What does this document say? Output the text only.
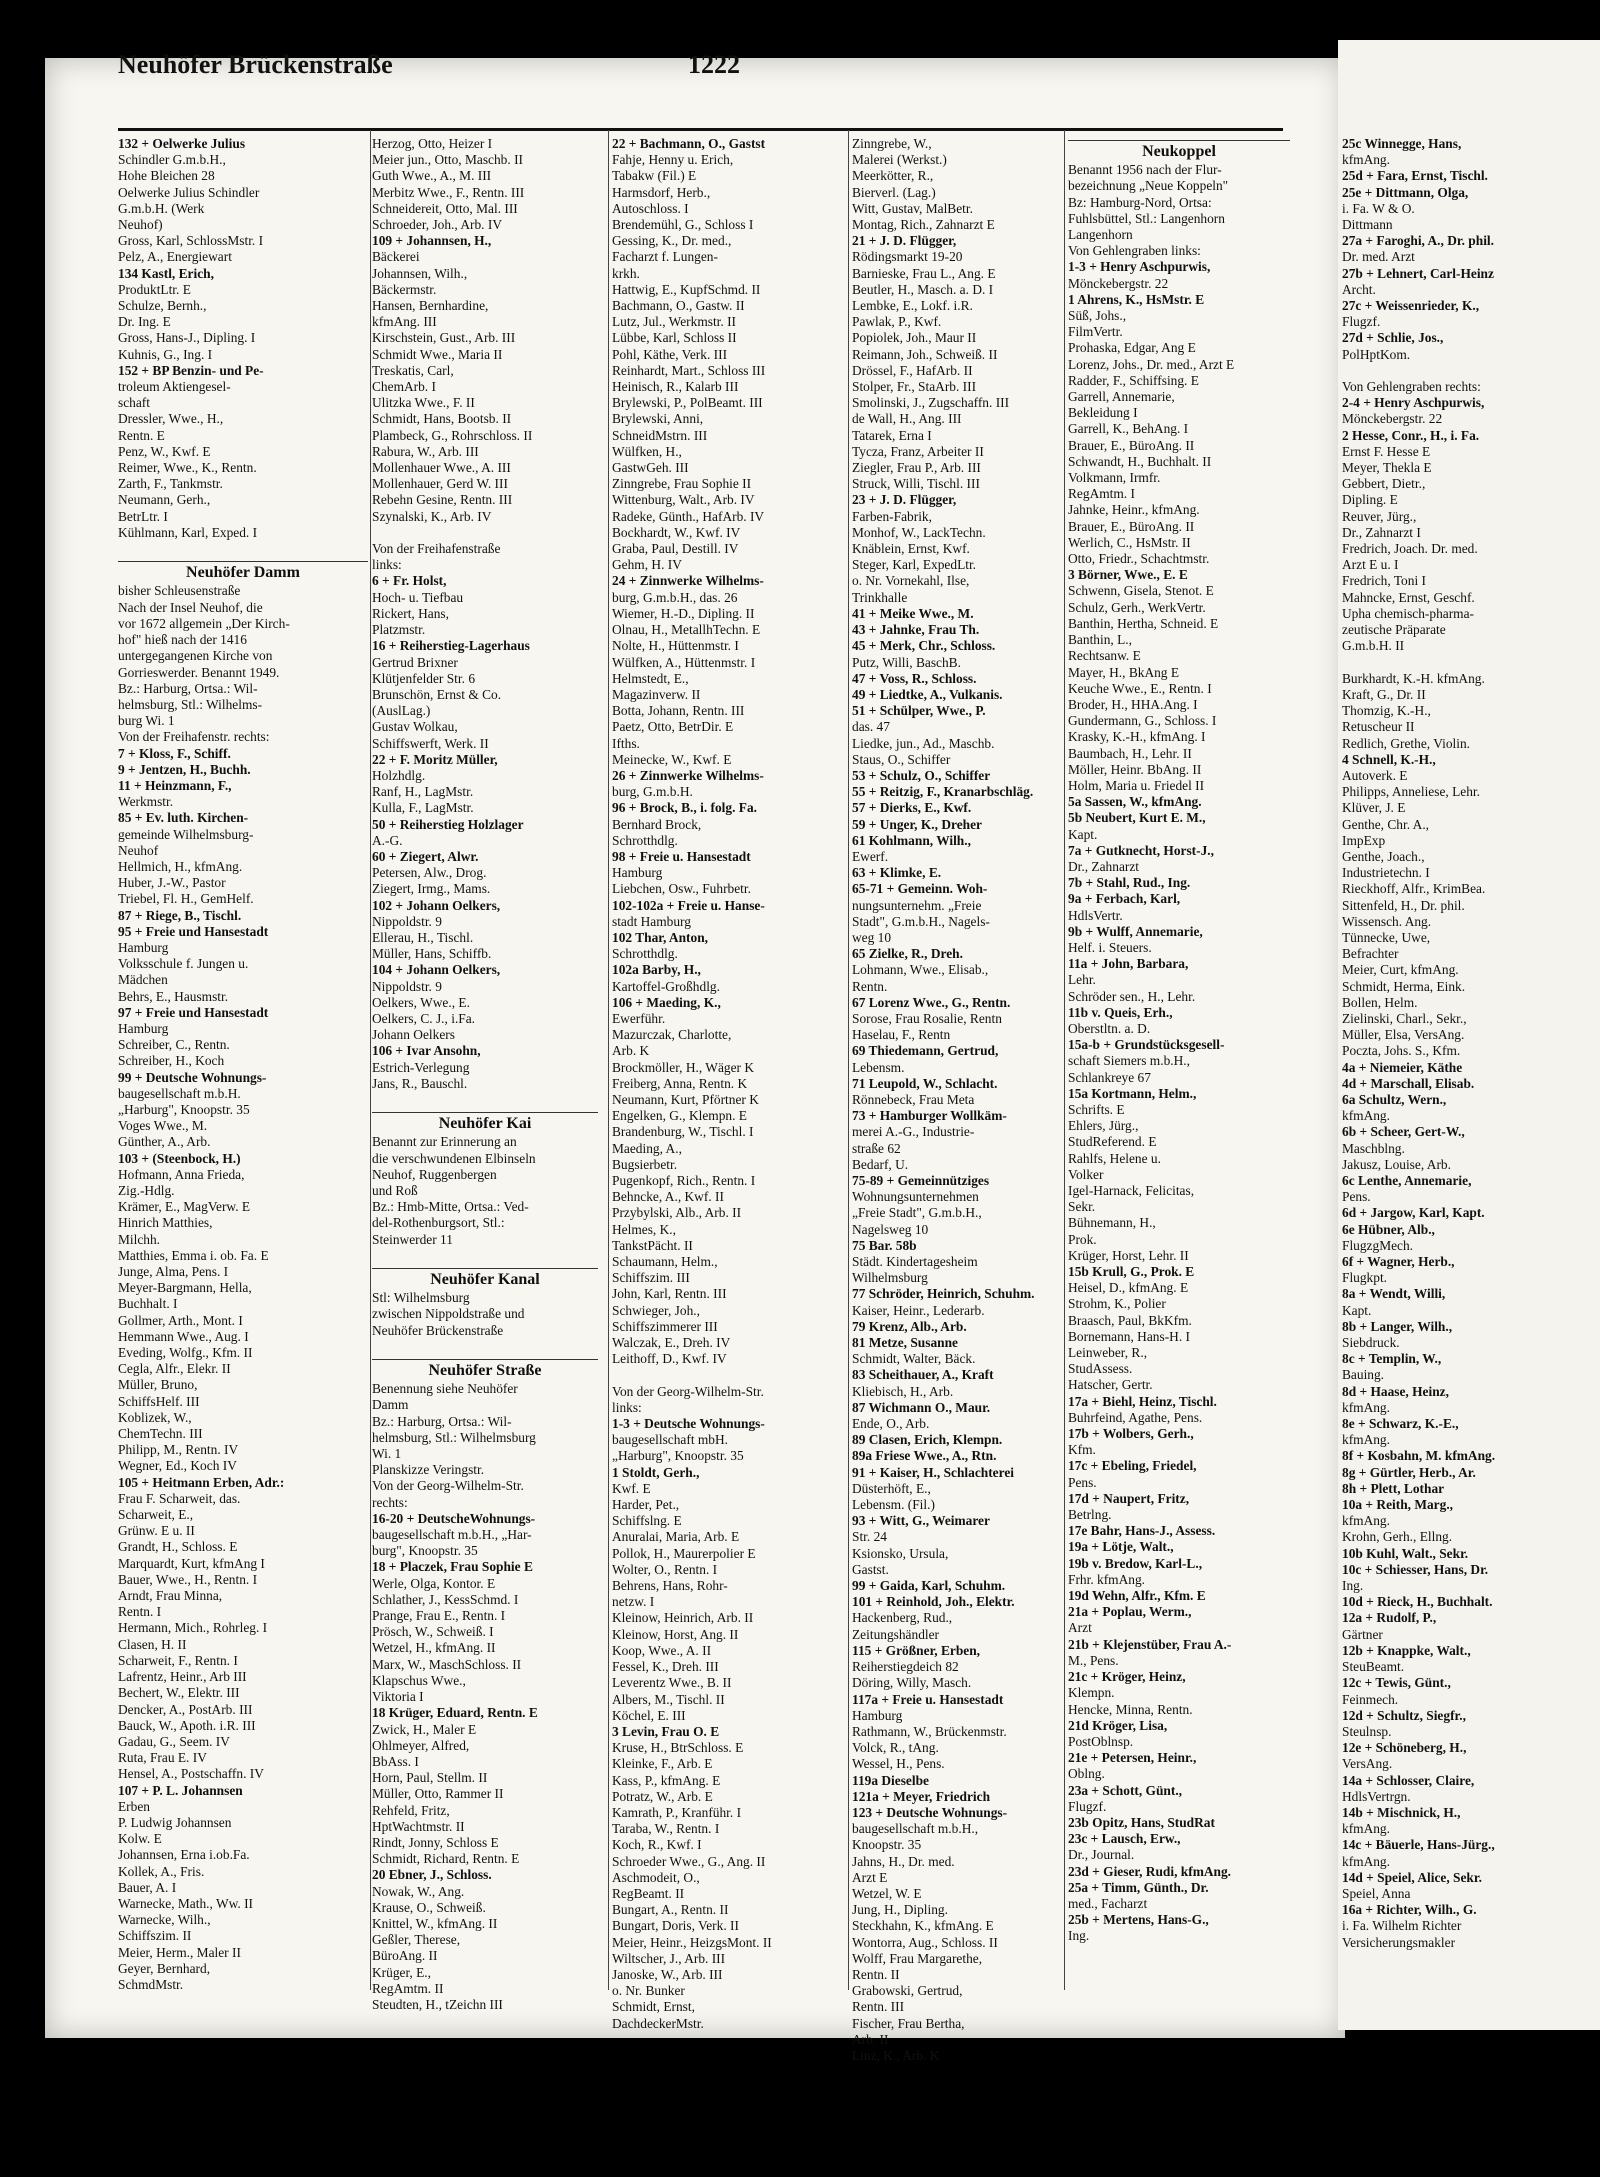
Neuhöfer Brückenstraße	1222
132 + Oelwerke Julius
Schindler G.m.b.H.,
Hohe Bleichen 28
Oelwerke Julius Schindler
G.m.b.H. (Werk
Neuhof)
Gross, Karl, SchlossMstr. I
Pelz, A., Energiewart
134 Kastl, Erich,
ProduktLtr. E
Schulze, Bernh.,
Dr. Ing. E
Gross, Hans-J., Dipling. I
Kuhnis, G., Ing. I
152 + BP Benzin- und Pe-
troleum Aktiengesel-
schaft
Dressler, Wwe., H.,
Rentn. E
Penz, W., Kwf. E
Reimer, Wwe., K., Rentn.
Zarth, F., Tankmstr.
Neumann, Gerh.,
BetrLtr. I
Kühlmann, Karl, Exped. I

Neuhöfer Damm
bisher Schleusenstraße
Nach der Insel Neuhof, die
vor 1672 allgemein „Der Kirch-
hof" hieß nach der 1416
untergegangenen Kirche von
Gorrieswerder. Benannt 1949.
Bz.: Harburg, Ortsa.: Wil-
helmsburg, Stl.: Wilhelms-
burg Wi. 1
Von der Freihafenstr. rechts:
7 + Kloss, F., Schiff.
9 + Jentzen, H., Buchh.
11 + Heinzmann, F.,
Werkmstr.
85 + Ev. luth. Kirchen-
gemeinde Wilhelmsburg-
Neuhof
Hellmich, H., kfmAng.
Huber, J.-W., Pastor
Triebel, Fl. H., GemHelf.
87 + Riege, B., Tischl.
95 + Freie und Hansestadt
Hamburg
Volksschule f. Jungen u.
Mädchen
Behrs, E., Hausmstr.
97 + Freie und Hansestadt
Hamburg
Schreiber, C., Rentn.
Schreiber, H., Koch
99 + Deutsche Wohnungs-
baugesellschaft m.b.H.
„Harburg", Knoopstr. 35
Voges Wwe., M.
Günther, A., Arb.
103 + (Steenbock, H.)
Hofmann, Anna Frieda,
Zig.-Hdlg.
Krämer, E., MagVerw. E
Hinrich Matthies,
Milchh.
Matthies, Emma i. ob. Fa. E
Junge, Alma, Pens. I
Meyer-Bargmann, Hella,
Buchhalt. I
Gollmer, Arth., Mont. I
Hemmann Wwe., Aug. I
Eveding, Wolfg., Kfm. II
Cegla, Alfr., Elekr. II
Müller, Bruno,
SchiffsHelf. III
Koblizek, W.,
ChemTechn. III
Philipp, M., Rentn. IV
Wegner, Ed., Koch IV
105 + Heitmann Erben, Adr.:
Frau F. Scharweit, das.
Scharweit, E.,
Grünw. E u. II
Grandt, H., Schloss. E
Marquardt, Kurt, kfmAng I
Bauer, Wwe., H., Rentn. I
Arndt, Frau Minna,
Rentn. I
Hermann, Mich., Rohrleg. I
Clasen, H. II
Scharweit, F., Rentn. I
Lafrentz, Heinr., Arb III
Bechert, W., Elektr. III
Dencker, A., PostArb. III
Bauck, W., Apoth. i.R. III
Gadau, G., Seem. IV
Ruta, Frau E. IV
Hensel, A., Postschaffn. IV
107 + P. L. Johannsen
Erben
P. Ludwig Johannsen
Kolw. E
Johannsen, Erna i.ob.Fa.
Kollek, A., Fris.
Bauer, A. I
Warnecke, Math., Ww. II
Warnecke, Wilh.,
Schiffszim. II
Meier, Herm., Maler II
Geyer, Bernhard,
SchmdMstr.
Herzog, Otto, Heizer I
Meier jun., Otto, Maschb. II
Guth Wwe., A., M. III
Merbitz Wwe., F., Rentn. III
Schneidereit, Otto, Mal. III
Schroeder, Joh., Arb. IV
109 + Johannsen, H.,
Bäckerei
Johannsen, Wilh.,
Bäckermstr.
Hansen, Bernhardine,
kfmAng. III
Kirschstein, Gust., Arb. III
Schmidt Wwe., Maria II
Treskatis, Carl,
ChemArb. I
Ulitzka Wwe., F. II
Schmidt, Hans, Bootsb. II
Plambeck, G., Rohrschloss. II
Rabura, W., Arb. III
Mollenhauer Wwe., A. III
Mollenhauer, Gerd W. III
Rebehn Gesine, Rentn. III
Szynalski, K., Arb. IV

Von der Freihafenstraße
links:
6 + Fr. Holst,
Hoch- u. Tiefbau
Rickert, Hans,
Platzmstr.
16 + Reiherstieg-Lagerhaus
Gertrud Brixner
Klütjenfelder Str. 6
Brunschön, Ernst & Co.
(AuslLag.)
Gustav Wolkau,
Schiffswerft, Werk. II
22 + F. Moritz Müller,
Holzhdlg.
Ranf, H., LagMstr.
Kulla, F., LagMstr.
50 + Reiherstieg Holzlager
A.-G.
60 + Ziegert, Alwr.
Petersen, Alw., Drog.
Ziegert, Irmg., Mams.
102 + Johann Oelkers,
Nippoldstr. 9
Ellerau, H., Tischl.
Müller, Hans, Schiffb.
104 + Johann Oelkers,
Nippoldstr. 9
Oelkers, Wwe., E.
Oelkers, C. J., i.Fa.
Johann Oelkers
106 + Ivar Ansohn,
Estrich-Verlegung
Jans, R., Bauschl.

Neuhöfer Kai
Benannt zur Erinnerung an
die verschwundenen Elbinseln
Neuhof, Ruggenbergen
und Roß
Bz.: Hmb-Mitte, Ortsa.: Ved-
del-Rothenburgsort, Stl.:
Steinwerder 11

Neuhöfer Kanal
Stl: Wilhelmsburg
zwischen Nippoldstraße und
Neuhöfer Brückenstraße

Neuhöfer Straße
Benennung siehe Neuhöfer
Damm
Bz.: Harburg, Ortsa.: Wil-
helmsburg, Stl.: Wilhelmsburg
Wi. 1
Planskizze Veringstr.
Von der Georg-Wilhelm-Str.
rechts:
16-20 + DeutscheWohnungs-
baugesellschaft m.b.H., „Har-
burg", Knoopstr. 35
18 + Placzek, Frau Sophie E
Werle, Olga, Kontor. E
Schlather, J., KessSchmd. I
Prange, Frau E., Rentn. I
Prösch, W., Schweiß. I
Wetzel, H., kfmAng. II
Marx, W., MaschSchloss. II
Klapschus Wwe.,
Viktoria I
18 Krüger, Eduard, Rentn. E
Zwick, H., Maler E
Ohlmeyer, Alfred,
BbAss. I
Horn, Paul, Stellm. II
Müller, Otto, Rammer II
Rehfeld, Fritz,
HptWachtmstr. II
Rindt, Jonny, Schloss E
Schmidt, Richard, Rentn. E
20 Ebner, J., Schloss.
Nowak, W., Ang.
Krause, O., Schweiß.
Knittel, W., kfmAng. II
Geßler, Therese,
BüroAng. II
Krüger, E.,
RegAmtm. II
Steudten, H., tZeichn III
22 + Bachmann, O., Gastst
Fahje, Henny u. Erich,
Tabakw (Fil.) E
Harmsdorf, Herb.,
Autoschloss. I
Brendemühl, G., Schloss I
Gessing, K., Dr. med.,
Facharzt f. Lungen-
krkh.
Hattwig, E., KupfSchmd. II
Bachmann, O., Gastw. II
Lutz, Jul., Werkmstr. II
Lübbe, Karl, Schloss II
Pohl, Käthe, Verk. III
Reinhardt, Mart., Schloss III
Heinisch, R., Kalarb III
Brylewski, P., PolBeamt. III
Brylewski, Anni,
SchneidMstrn. III
Wülfken, H.,
GastwGeh. III
Zinngrebe, Frau Sophie II
Wittenburg, Walt., Arb. IV
Radeke, Günth., HafArb. IV
Bockhardt, W., Kwf. IV
Graba, Paul, Destill. IV
Gehm, H. IV
24 + Zinnwerke Wilhelms-
burg, G.m.b.H., das. 26
Wiemer, H.-D., Dipling. II
Olnau, H., MetallhTechn. E
Nolte, H., Hüttenmstr. I
Wülfken, A., Hüttenmstr. I
Helmstedt, E.,
Magazinverw. II
Botta, Johann, Rentn. III
Paetz, Otto, BetrDir. E
Ifths.
Meinecke, W., Kwf. E
26 + Zinnwerke Wilhelms-
burg, G.m.b.H.
96 + Brock, B., i. folg. Fa.
Bernhard Brock,
Schrotthdlg.
98 + Freie u. Hansestadt
Hamburg
Liebchen, Osw., Fuhrbetr.
102-102a + Freie u. Hanse-
stadt Hamburg
102 Thar, Anton,
Schrotthdlg.
102a Barby, H.,
Kartoffel-Großhdlg.
106 + Maeding, K.,
Ewerführ.
Mazurczak, Charlotte,
Arb. K
Brockmöller, H., Wäger K
Freiberg, Anna, Rentn. K
Neumann, Kurt, Pförtner K
Engelken, G., Klempn. E
Brandenburg, W., Tischl. I
Maeding, A.,
Bugsierbetr.
Pugenkopf, Rich., Rentn. I
Behncke, A., Kwf. II
Przybylski, Alb., Arb. II
Helmes, K.,
TankstPächt. II
Schaumann, Helm.,
Schiffszim. III
John, Karl, Rentn. III
Schwieger, Joh.,
Schiffszimmerer III
Walczak, E., Dreh. IV
Leithoff, D., Kwf. IV

Von der Georg-Wilhelm-Str.
links:
1-3 + Deutsche Wohnungs-
baugesellschaft mbH.
„Harburg", Knoopstr. 35
1 Stoldt, Gerh.,
Kwf. E
Harder, Pet.,
Schiffslng. E
Anuralai, Maria, Arb. E
Pollok, H., Maurerpolier E
Wolter, O., Rentn. I
Behrens, Hans, Rohr-
netzw. I
Kleinow, Heinrich, Arb. II
Kleinow, Horst, Ang. II
Koop, Wwe., A. II
Fessel, K., Dreh. III
Leverentz Wwe., B. II
Albers, M., Tischl. II
Köchel, E. III
3 Levin, Frau O. E
Kruse, H., BtrSchloss. E
Kleinke, F., Arb. E
Kass, P., kfmAng. E
Potratz, W., Arb. E
Kamrath, P., Kranführ. I
Taraba, W., Rentn. I
Koch, R., Kwf. I
Schroeder Wwe., G., Ang. II
Aschmodeit, O.,
RegBeamt. II
Bungart, A., Rentn. II
Bungart, Doris, Verk. II
Meier, Heinr., HeizgsMont. II
Wiltscher, J., Arb. III
Janoske, W., Arb. III
o. Nr. Bunker
Schmidt, Ernst,
DachdeckerMstr.
Zinngrebe, W.,
Malerei (Werkst.)
Meerkötter, R.,
Bierverl. (Lag.)
Witt, Gustav, MalBetr.
Montag, Rich., Zahnarzt E
21 + J. D. Flügger,
Rödingsmarkt 19-20
Barnieske, Frau L., Ang. E
Beutler, H., Masch. a. D. I
Lembke, E., Lokf. i.R.
Pawlak, P., Kwf.
Popiolek, Joh., Maur II
Reimann, Joh., Schweiß. II
Drössel, F., HafArb. II
Stolper, Fr., StaArb. III
Smolinski, J., Zugschaffn. III
de Wall, H., Ang. III
Tatarek, Erna I
Tycza, Franz, Arbeiter II
Ziegler, Frau P., Arb. III
Struck, Willi, Tischl. III
23 + J. D. Flügger,
Farben-Fabrik,
Monhof, W., LackTechn.
Knäblein, Ernst, Kwf.
Steger, Karl, ExpedLtr.
o. Nr. Vornekahl, Ilse,
Trinkhalle
41 + Meike Wwe., M.
43 + Jahnke, Frau Th.
45 + Merk, Chr., Schloss.
Putz, Willi, BaschB.
47 + Voss, R., Schloss.
49 + Liedtke, A., Vulkanis.
51 + Schülper, Wwe., P.
das. 47
Liedke, jun., Ad., Maschb.
Staus, O., Schiffer
53 + Schulz, O., Schiffer
55 + Reitzig, F., Kranarbschläg.
57 + Dierks, E., Kwf.
59 + Unger, K., Dreher
61 Kohlmann, Wilh.,
Ewerf.
63 + Klimke, E.
65-71 + Gemeinn. Woh-
nungsunternehm. „Freie
Stadt", G.m.b.H., Nagels-
weg 10
65 Zielke, R., Dreh.
Lohmann, Wwe., Elisab.,
Rentn.
67 Lorenz Wwe., G., Rentn.
Sorose, Frau Rosalie, Rentn
Haselau, F., Rentn
69 Thiedemann, Gertrud,
Lebensm.
71 Leupold, W., Schlacht.
Rönnebeck, Frau Meta
73 + Hamburger Wollkäm-
merei A.-G., Industrie-
straße 62
Bedarf, U.
75-89 + Gemeinnütziges
Wohnungsunternehmen
„Freie Stadt", G.m.b.H.,
Nagelsweg 10
75 Bar. 58b
Städt. Kindertagesheim
Wilhelmsburg
77 Schröder, Heinrich, Schuhm.
Kaiser, Heinr., Lederarb.
79 Krenz, Alb., Arb.
81 Metze, Susanne
Schmidt, Walter, Bäck.
83 Scheithauer, A., Kraft
Kliebisch, H., Arb.
87 Wichmann O., Maur.
Ende, O., Arb.
89 Clasen, Erich, Klempn.
89a Friese Wwe., A., Rtn.
91 + Kaiser, H., Schlachterei
Düsterhöft, E.,
Lebensm. (Fil.)
93 + Witt, G., Weimarer
Str. 24
Ksionsko, Ursula,
Gastst.
99 + Gaida, Karl, Schuhm.
101 + Reinhold, Joh., Elektr.
Hackenberg, Rud.,
Zeitungshändler
115 + Größner, Erben,
Reiherstiegdeich 82
Döring, Willy, Masch.
117a + Freie u. Hansestadt
Hamburg
Rathmann, W., Brückenmstr.
Volck, R., tAng.
Wessel, H., Pens.
119a Dieselbe
121a + Meyer, Friedrich
123 + Deutsche Wohnungs-
baugesellschaft m.b.H.,
Knoopstr. 35
Jahns, H., Dr. med.
Arzt E
Wetzel, W. E
Jung, H., Dipling.
Steckhahn, K., kfmAng. E
Wontorra, Aug., Schloss. II
Wolff, Frau Margarethe,
Rentn. II
Grabowski, Gertrud,
Rentn. III
Fischer, Frau Bertha,
Arb. II
Linz, K., Arb. K
Neukoppel
Benannt 1956 nach der Flur-
bezeichnung „Neue Koppeln"
Bz: Hamburg-Nord, Ortsa:
Fuhlsbüttel, Stl.: Langenhorn
Langenhorn
Von Gehlengraben links:
1-3 + Henry Aschpurwis,
Mönckebergstr. 22
1 Ahrens, K., HsMstr. E
Süß, Johs.,
FilmVertr.
Prohaska, Edgar, Ang E
Lorenz, Johs., Dr. med., Arzt E
Radder, F., Schiffsing. E
Garrell, Annemarie,
Bekleidung I
Garrell, K., BehAng. I
Brauer, E., BüroAng. II
Schwandt, H., Buchhalt. II
Volkmann, Irmfr.
RegAmtm. I
Jahnke, Heinr., kfmAng.
Brauer, E., BüroAng. II
Werlich, C., HsMstr. II
Otto, Friedr., Schachtmstr.
3 Börner, Wwe., E. E
Schwenn, Gisela, Stenot. E
Schulz, Gerh., WerkVertr.
Banthin, Hertha, Schneid. E
Banthin, L.,
Rechtsanw. E
Mayer, H., BkAng E
Keuche Wwe., E., Rentn. I
Broder, H., HHA.Ang. I
Gundermann, G., Schloss. I
Krasky, K.-H., kfmAng. I
Baumbach, H., Lehr. II
Möller, Heinr. BbAng. II
Holm, Maria u. Friedel II
5a Sassen, W., kfmAng.
5b Neubert, Kurt E. M.,
Kapt.
7a + Gutknecht, Horst-J.,
Dr., Zahnarzt
7b + Stahl, Rud., Ing.
9a + Ferbach, Karl,
HdlsVertr.
9b + Wulff, Annemarie,
Helf. i. Steuers.
11a + John, Barbara,
Lehr.
Schröder sen., H., Lehr.
11b v. Queis, Erh.,
Oberstltn. a. D.
15a-b + Grundstücksgesell-
schaft Siemers m.b.H.,
Schlankreye 67
15a Kortmann, Helm.,
Schrifts. E
Ehlers, Jürg.,
StudReferend. E
Rahlfs, Helene u.
Volker
Igel-Harnack, Felicitas,
Sekr.
Bühnemann, H.,
Prok.
Krüger, Horst, Lehr. II
15b Krull, G., Prok. E
Heisel, D., kfmAng. E
Strohm, K., Polier
Braasch, Paul, BkKfm.
Bornemann, Hans-H. I
Leinweber, R.,
StudAssess.
Hatscher, Gertr.
17a + Biehl, Heinz, Tischl.
Buhrfeind, Agathe, Pens.
17b + Wolbers, Gerh.,
Kfm.
17c + Ebeling, Friedel,
Pens.
17d + Naupert, Fritz,
Betrlng.
17e Bahr, Hans-J., Assess.
19a + Lötje, Walt.,
19b v. Bredow, Karl-L.,
Frhr. kfmAng.
19d Wehn, Alfr., Kfm. E
21a + Poplau, Werm.,
Arzt
21b + Klejenstüber, Frau A.-
M., Pens.
21c + Kröger, Heinz,
Klempn.
Hencke, Minna, Rentn.
21d Kröger, Lisa,
PostOblnsp.
21e + Petersen, Heinr.,
Oblng.
23a + Schott, Günt.,
Flugzf.
23b Opitz, Hans, StudRat
23c + Lausch, Erw.,
Dr., Journal.
23d + Gieser, Rudi, kfmAng.
25a + Timm, Günth., Dr.
med., Facharzt
25b + Mertens, Hans-G.,
Ing.
25c Winnegge, Hans,
kfmAng.
25d + Fara, Ernst, Tischl.
25e + Dittmann, Olga,
i. Fa. W & O.
Dittmann
27a + Faroghi, A., Dr. phil.
Dr. med. Arzt
27b + Lehnert, Carl-Heinz
Archt.
27c + Weissenrieder, K.,
Flugzf.
27d + Schlie, Jos.,
PolHptKom.

Von Gehlengraben rechts:
2-4 + Henry Aschpurwis,
Mönckebergstr. 22
2 Hesse, Conr., H., i. Fa.
Ernst F. Hesse E
Meyer, Thekla E
Gebbert, Dietr.,
Dipling. E
Reuver, Jürg.,
Dr., Zahnarzt I
Fredrich, Joach. Dr. med.
Arzt E u. I
Fredrich, Toni I
Mahncke, Ernst, Geschf.
Upha chemisch-pharma-
zeutische Präparate
G.m.b.H. II

Burkhardt, K.-H. kfmAng.
Kraft, G., Dr. II
Thomzig, K.-H.,
Retuscheur II
Redlich, Grethe, Violin.
4 Schnell, K.-H.,
Autoverk. E
Philipps, Anneliese, Lehr.
Klüver, J. E
Genthe, Chr. A.,
ImpExp
Genthe, Joach.,
Industrietechn. I
Rieckhoff, Alfr., KrimBea.
Sittenfeld, H., Dr. phil.
Wissensch. Ang.
Tünnecke, Uwe,
Befrachter
Meier, Curt, kfmAng.
Schmidt, Herma, Eink.
Bollen, Helm.
Zielinski, Charl., Sekr.,
Müller, Elsa, VersAng.
Poczta, Johs. S., Kfm.
4a + Niemeier, Käthe
4d + Marschall, Elisab.
6a Schultz, Wern.,
kfmAng.
6b + Scheer, Gert-W.,
Maschblng.
Jakusz, Louise, Arb.
6c Lenthe, Annemarie,
Pens.
6d + Jargow, Karl, Kapt.
6e Hübner, Alb.,
FlugzgMech.
6f + Wagner, Herb.,
Flugkpt.
8a + Wendt, Willi,
Kapt.
8b + Langer, Wilh.,
Siebdruck.
8c + Templin, W.,
Bauing.
8d + Haase, Heinz,
kfmAng.
8e + Schwarz, K.-E.,
kfmAng.
8f + Kosbahn, M. kfmAng.
8g + Gürtler, Herb., Ar.
8h + Plett, Lothar
10a + Reith, Marg.,
kfmAng.
Krohn, Gerh., Ellng.
10b Kuhl, Walt., Sekr.
10c + Schiesser, Hans, Dr.
Ing.
10d + Rieck, H., Buchhalt.
12a + Rudolf, P.,
Gärtner
12b + Knappke, Walt.,
SteuBeamt.
12c + Tewis, Günt.,
Feinmech.
12d + Schultz, Siegfr.,
Steulnsp.
12e + Schöneberg, H.,
VersAng.
14a + Schlosser, Claire,
HdlsVertrgn.
14b + Mischnick, H.,
kfmAng.
14c + Bäuerle, Hans-Jürg.,
kfmAng.
14d + Speiel, Alice, Sekr.
Speiel, Anna
16a + Richter, Wilh., G.
i. Fa. Wilhelm Richter
Versicherungsmakler
